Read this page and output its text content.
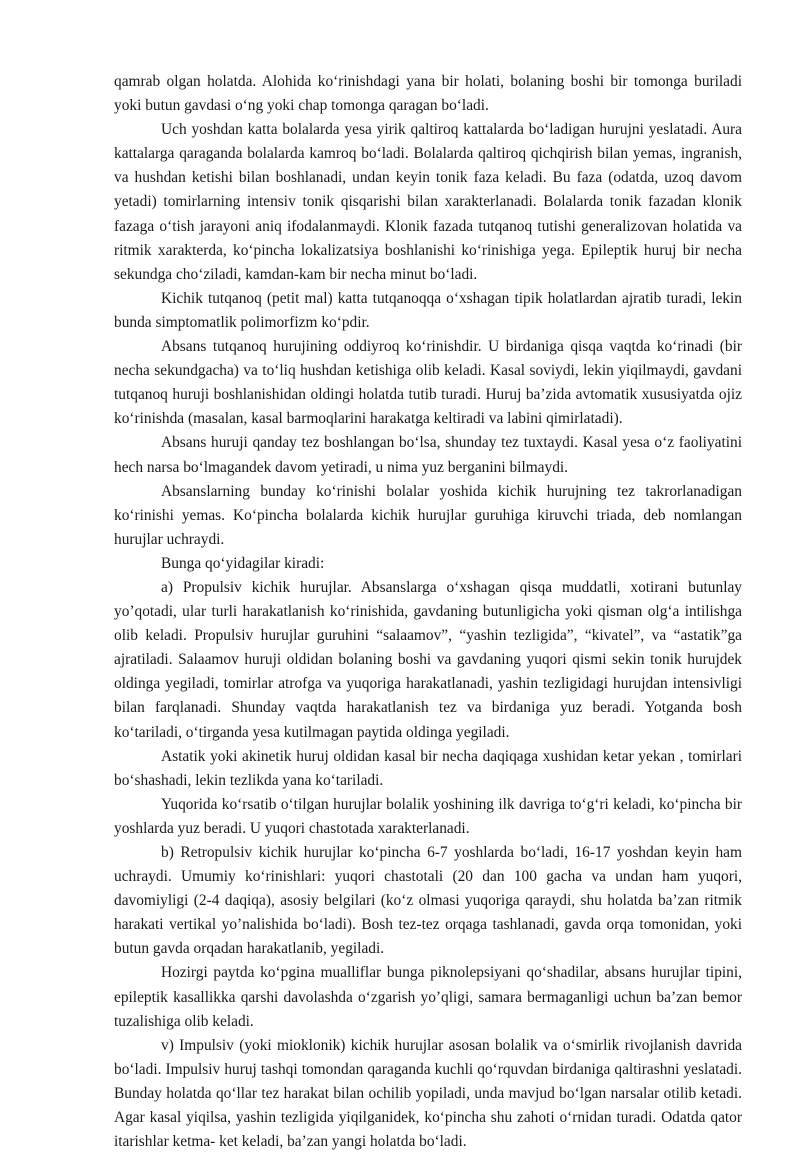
qamrab olgan holatda. Alohida ko‘rinishdagi yana bir holati, bolaning boshi bir tomonga buriladi yoki butun gavdasi o‘ng yoki chap tomonga qaragan bo‘ladi.

Uch yoshdan katta bolalarda yesa yirik qaltiroq kattalarda bo‘ladigan hurujni yeslatadi. Aura kattalarga qaraganda bolalarda kamroq bo‘ladi. Bolalarda qaltiroq qichqirish bilan yemas, ingranish, va hushdan ketishi bilan boshlanadi, undan keyin tonik faza keladi. Bu faza (odatda, uzoq davom yetadi) tomirlarning intensiv tonik qisqarishi bilan xarakterlanadi. Bolalarda tonik fazadan klonik fazaga o‘tish jarayoni aniq ifodalanmaydi. Klonik fazada tutqanoq tutishi generalizovan holatida va ritmik xarakterda, ko‘pincha lokalizatsiya boshlanishi ko‘rinishiga yega. Epileptik huruj bir necha sekundga cho‘ziladi, kamdan-kam bir necha minut bo‘ladi.

Kichik tutqanoq (petit mal) katta tutqanoqqa o‘xshagan tipik holatlardan ajratib turadi, lekin bunda simptomatlik polimorfizm ko‘pdir.

Absans tutqanoq hurujining oddiyroq ko‘rinishdir. U birdaniga qisqa vaqtda ko‘rinadi (bir necha sekundgacha) va to‘liq hushdan ketishiga olib keladi. Kasal soviydi, lekin yiqilmaydi, gavdani tutqanoq huruji boshlanishidan oldingi holatda tutib turadi. Huruj ba’zida avtomatik xususiyatda ojiz ko‘rinishda (masalan, kasal barmoqlarini harakatga keltiradi va labini qimirlatadi).

Absans huruji qanday tez boshlangan bo‘lsa, shunday tez tuxtaydi. Kasal yesa o‘z faoliyatini hech narsa bo‘lmagandek davom yetiradi, u nima yuz berganini bilmaydi.

Absanslarning bunday ko‘rinishi bolalar yoshida kichik hurujning tez takrorlanadigan ko‘rinishi yemas. Ko‘pincha bolalarda kichik hurujlar guruhiga kiruvchi triada, deb nomlangan hurujlar uchraydi.

Bunga qo‘yidagilar kiradi:

a) Propulsiv kichik hurujlar. Absanslarga o‘xshagan qisqa muddatli, xotirani butunlay yo’qotadi, ular turli harakatlanish ko‘rinishida, gavdaning butunligicha yoki qisman olg‘a intilishga olib keladi. Propulsiv hurujlar guruhini “salaamov”, “yashin tezligida”, “kivatel”, va “astatik”ga ajratiladi. Salaamov huruji oldidan bolaning boshi va gavdaning yuqori qismi sekin tonik hurujdek oldinga yegiladi, tomirlar atrofga va yuqoriga harakatlanadi, yashin tezligidagi hurujdan intensivligi bilan farqlanadi. Shunday vaqtda harakatlanish tez va birdaniga yuz beradi. Yotganda bosh ko‘tariladi, o‘tirganda yesa kutilmagan paytida oldinga yegiladi.

Astatik yoki akinetik huruj oldidan kasal bir necha daqiqaga xushidan ketar yekan , tomirlari bo‘shashadi, lekin tezlikda yana ko‘tariladi.

Yuqorida ko‘rsatib o‘tilgan hurujlar bolalik yoshining ilk davriga to‘g‘ri keladi, ko‘pincha bir yoshlarda yuz beradi. U yuqori chastotada xarakterlanadi.

b) Retropulsiv kichik hurujlar ko‘pincha 6-7 yoshlarda bo‘ladi, 16-17 yoshdan keyin ham uchraydi. Umumiy ko‘rinishlari: yuqori chastotali (20 dan 100 gacha va undan ham yuqori, davomiyligi (2-4 daqiqa), asosiy belgilari (ko‘z olmasi yuqoriga qaraydi, shu holatda ba’zan ritmik harakati vertikal yo’nalishida bo‘ladi). Bosh tez-tez orqaga tashlanadi, gavda orqa tomonidan, yoki butun gavda orqadan harakatlanib, yegiladi.

Hozirgi paytda ko‘pgina mualliflar bunga piknolepsiyani qo‘shadilar, absans hurujlar tipini, epileptik kasallikka qarshi davolashda o‘zgarish yo’qligi, samara bermaganligi uchun ba’zan bemor tuzalishiga olib keladi.

v) Impulsiv (yoki mioklonik) kichik hurujlar asosan bolalik va o‘smirlik rivojlanish davrida bo‘ladi. Impulsiv huruj tashqi tomondan qaraganda kuchli qo‘rquvdan birdaniga qaltirashni yeslatadi. Bunday holatda qo‘llar tez harakat bilan ochilib yopiladi, unda mavjud bo‘lgan narsalar otilib ketadi. Agar kasal yiqilsa, yashin tezligida yiqilganidek, ko‘pincha shu zahoti o‘rnidan turadi. Odatda qator itarishlar ketma- ket keladi, ba’zan yangi holatda bo‘ladi.
